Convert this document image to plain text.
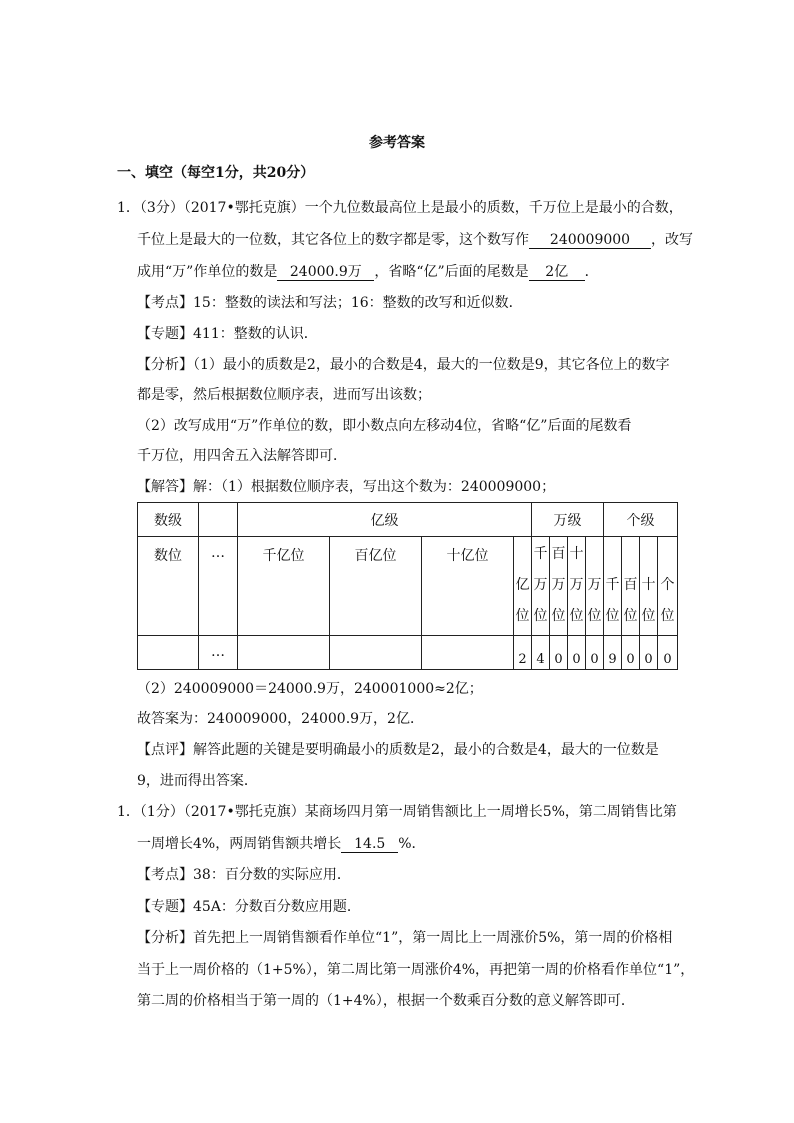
参考答案
一、填空（每空1分，共20分）
1．（3分）（2017•鄂托克旗）一个九位数最高位上是最小的质数，千万位上是最小的合数，
千位上是最大的一位数，其它各位上的数字都是零，这个数写作 240009000 ，改写
成用“万”作单位的数是 24000.9万 ，省略“亿”后面的尾数是 2亿 ．
【考点】15：整数的读法和写法；16：整数的改写和近似数．
【专题】411：整数的认识．
【分析】（1）最小的质数是2，最小的合数是4，最大的一位数是9，其它各位上的数字
都是零，然后根据数位顺序表，进而写出该数；
（2）改写成用“万”作单位的数，即小数点向左移动4位，省略“亿”后面的尾数看
千万位，用四舍五入法解答即可．
【解答】解：（1）根据数位顺序表，写出这个数为：240009000；
数级		亿级				万级				个级			
数位	…	千亿位	百亿位	十亿位	亿位	千万位	百万位	十万位	万位	千位	百位	十位	个位
	…				2	4	0	0	0	9	0	0	0
（2）240009000＝24000.9万，240001000≈2亿；
故答案为：240009000，24000.9万，2亿．
【点评】解答此题的关键是要明确最小的质数是2，最小的合数是4，最大的一位数是
9，进而得出答案．
1．（1分）（2017•鄂托克旗）某商场四月第一周销售额比上一周增长5%，第二周销售比第
一周增长4%，两周销售额共增长 14.5 %．
【考点】38：百分数的实际应用．
【专题】45A：分数百分数应用题．
【分析】首先把上一周销售额看作单位“1”，第一周比上一周涨价5%，第一周的价格相
当于上一周价格的（1+5%），第二周比第一周涨价4%，再把第一周的价格看作单位“1”，
第二周的价格相当于第一周的（1+4%），根据一个数乘百分数的意义解答即可．
